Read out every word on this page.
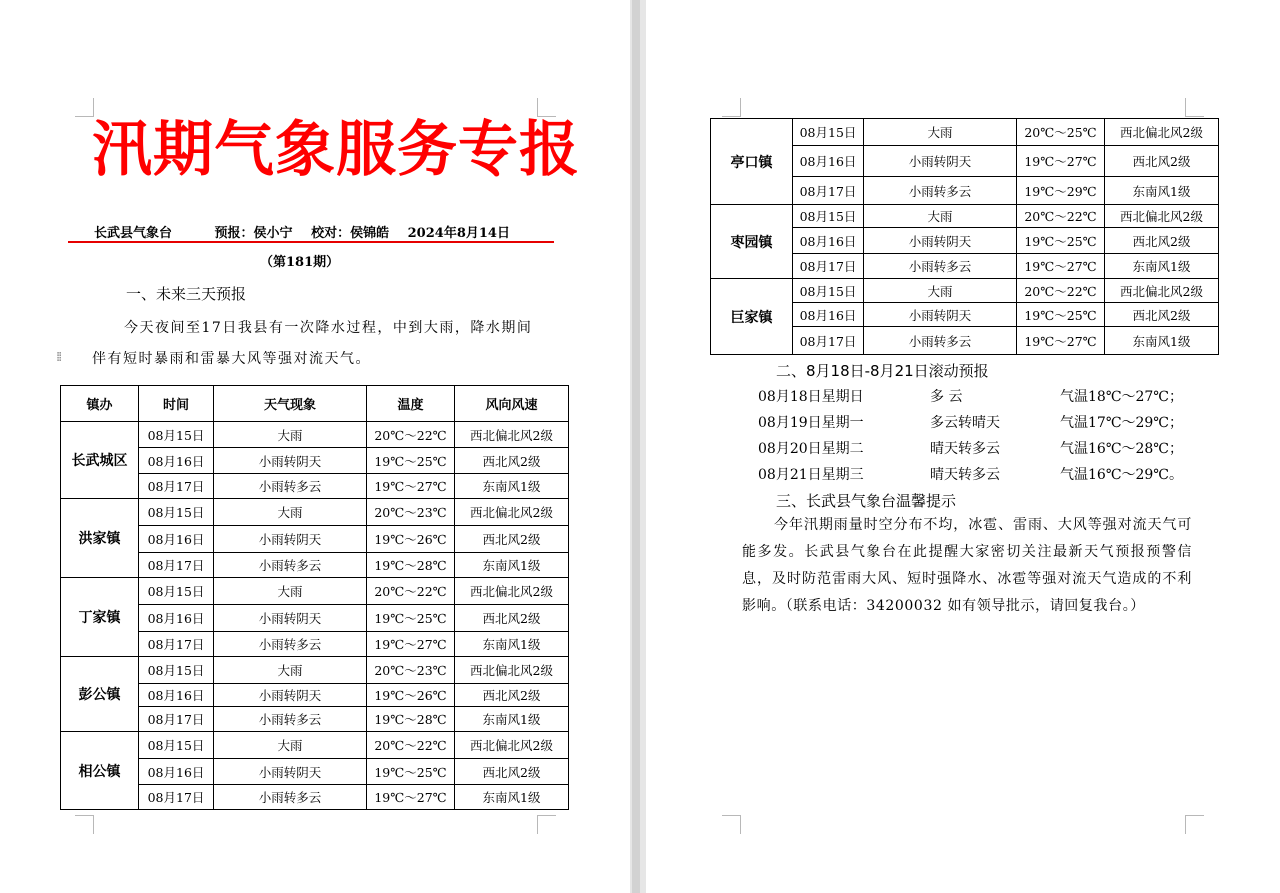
汛期气象服务专报
长武县气象台	预报：侯小宁 校对：侯锦皓 2024年8月14日
（第181期）
一、未来三天预报

今天夜间至17日我县有一次降水过程，中到大雨，降水期间伴有短时暴雨和雷暴大风等强对流天气。

⁞⁞
镇办	时间	天气现象	温度	风向风速
长武城区	08月15日	大雨	20℃～22℃	西北偏北风2级
	08月16日	小雨转阴天	19℃～25℃	西北风2级
	08月17日	小雨转多云	19℃～27℃	东南风1级
洪家镇	08月15日	大雨	20℃～23℃	西北偏北风2级
	08月16日	小雨转阴天	19℃～26℃	西北风2级
	08月17日	小雨转多云	19℃～28℃	东南风1级
丁家镇	08月15日	大雨	20℃～22℃	西北偏北风2级
	08月16日	小雨转阴天	19℃～25℃	西北风2级
	08月17日	小雨转多云	19℃～27℃	东南风1级
彭公镇	08月15日	大雨	20℃～23℃	西北偏北风2级
	08月16日	小雨转阴天	19℃～26℃	西北风2级
	08月17日	小雨转多云	19℃～28℃	东南风1级
相公镇	08月15日	大雨	20℃～22℃	西北偏北风2级
	08月16日	小雨转阴天	19℃～25℃	西北风2级
	08月17日	小雨转多云	19℃～27℃	东南风1级
亭口镇	08月15日	大雨	20℃～25℃	西北偏北风2级
	08月16日	小雨转阴天	19℃～27℃	西北风2级
	08月17日	小雨转多云	19℃～29℃	东南风1级
枣园镇	08月15日	大雨	20℃～22℃	西北偏北风2级
	08月16日	小雨转阴天	19℃～25℃	西北风2级
	08月17日	小雨转多云	19℃～27℃	东南风1级
巨家镇	08月15日	大雨	20℃～22℃	西北偏北风2级
	08月16日	小雨转阴天	19℃～25℃	西北风2级
	08月17日	小雨转多云	19℃～27℃	东南风1级
二、8月18日-8月21日滚动预报
08月18日星期日	多 云	气温18℃～27℃；
08月19日星期一	多云转晴天	气温17℃～29℃；
08月20日星期二	晴天转多云	气温16℃～28℃；
08月21日星期三	晴天转多云	气温16℃～29℃。
三、长武县气象台温馨提示

今年汛期雨量时空分布不均，冰雹、雷雨、大风等强对流天气可能多发。长武县气象台在此提醒大家密切关注最新天气预报预警信息，及时防范雷雨大风、短时强降水、冰雹等强对流天气造成的不利影响。（联系电话：34200032 如有领导批示，请回复我台。）
